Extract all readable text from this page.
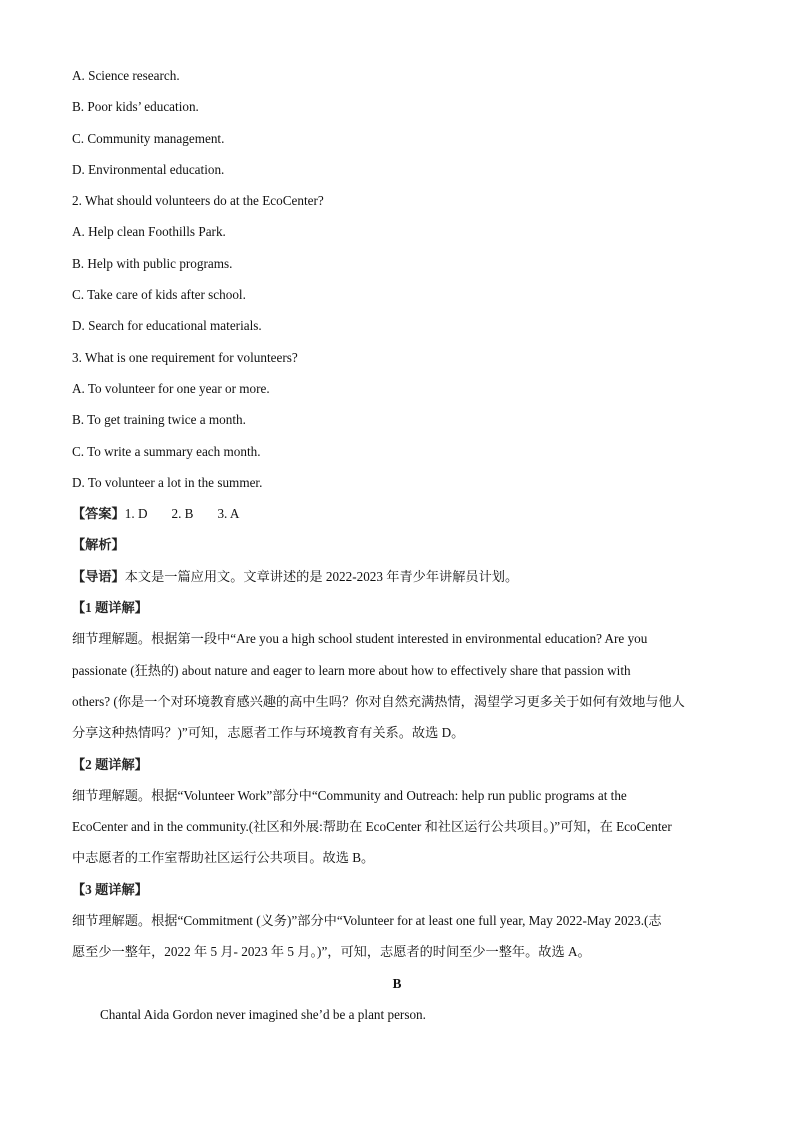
A. Science research.
B. Poor kids’ education.
C. Community management.
D. Environmental education.
2. What should volunteers do at the EcoCenter?
A. Help clean Foothills Park.
B. Help with public programs.
C. Take care of kids after school.
D. Search for educational materials.
3. What is one requirement for volunteers?
A. To volunteer for one year or more.
B. To get training twice a month.
C. To write a summary each month.
D. To volunteer a lot in the summer.
【答案】1. D 2. B 3. A
【解析】
【导语】本文是一篇应用文。文章讲述的是 2022-2023 年青少年讲解员计划。
【1 题详解】
细节理解题。根据第一段中“Are you a high school student interested in environmental education? Are you
passionate (狂热的) about nature and eager to learn more about how to effectively share that passion with
others? (你是一个对环境教育感兴趣的高中生吗？你对自然充满热情，渴望学习更多关于如何有效地与他人
分享这种热情吗？)”可知，志愿者工作与环境教育有关系。故选 D。
【2 题详解】
细节理解题。根据“Volunteer Work”部分中“Community and Outreach: help run public programs at the
EcoCenter and in the community.(社区和外展:帮助在 EcoCenter 和社区运行公共项目。)”可知，在 EcoCenter
中志愿者的工作室帮助社区运行公共项目。故选 B。
【3 题详解】
细节理解题。根据“Commitment (义务)”部分中“Volunteer for at least one full year, May 2022-May 2023.(志
愿至少一整年，2022 年 5 月- 2023 年 5 月。)”，可知，志愿者的时间至少一整年。故选 A。
B
Chantal Aida Gordon never imagined she’d be a plant person.
